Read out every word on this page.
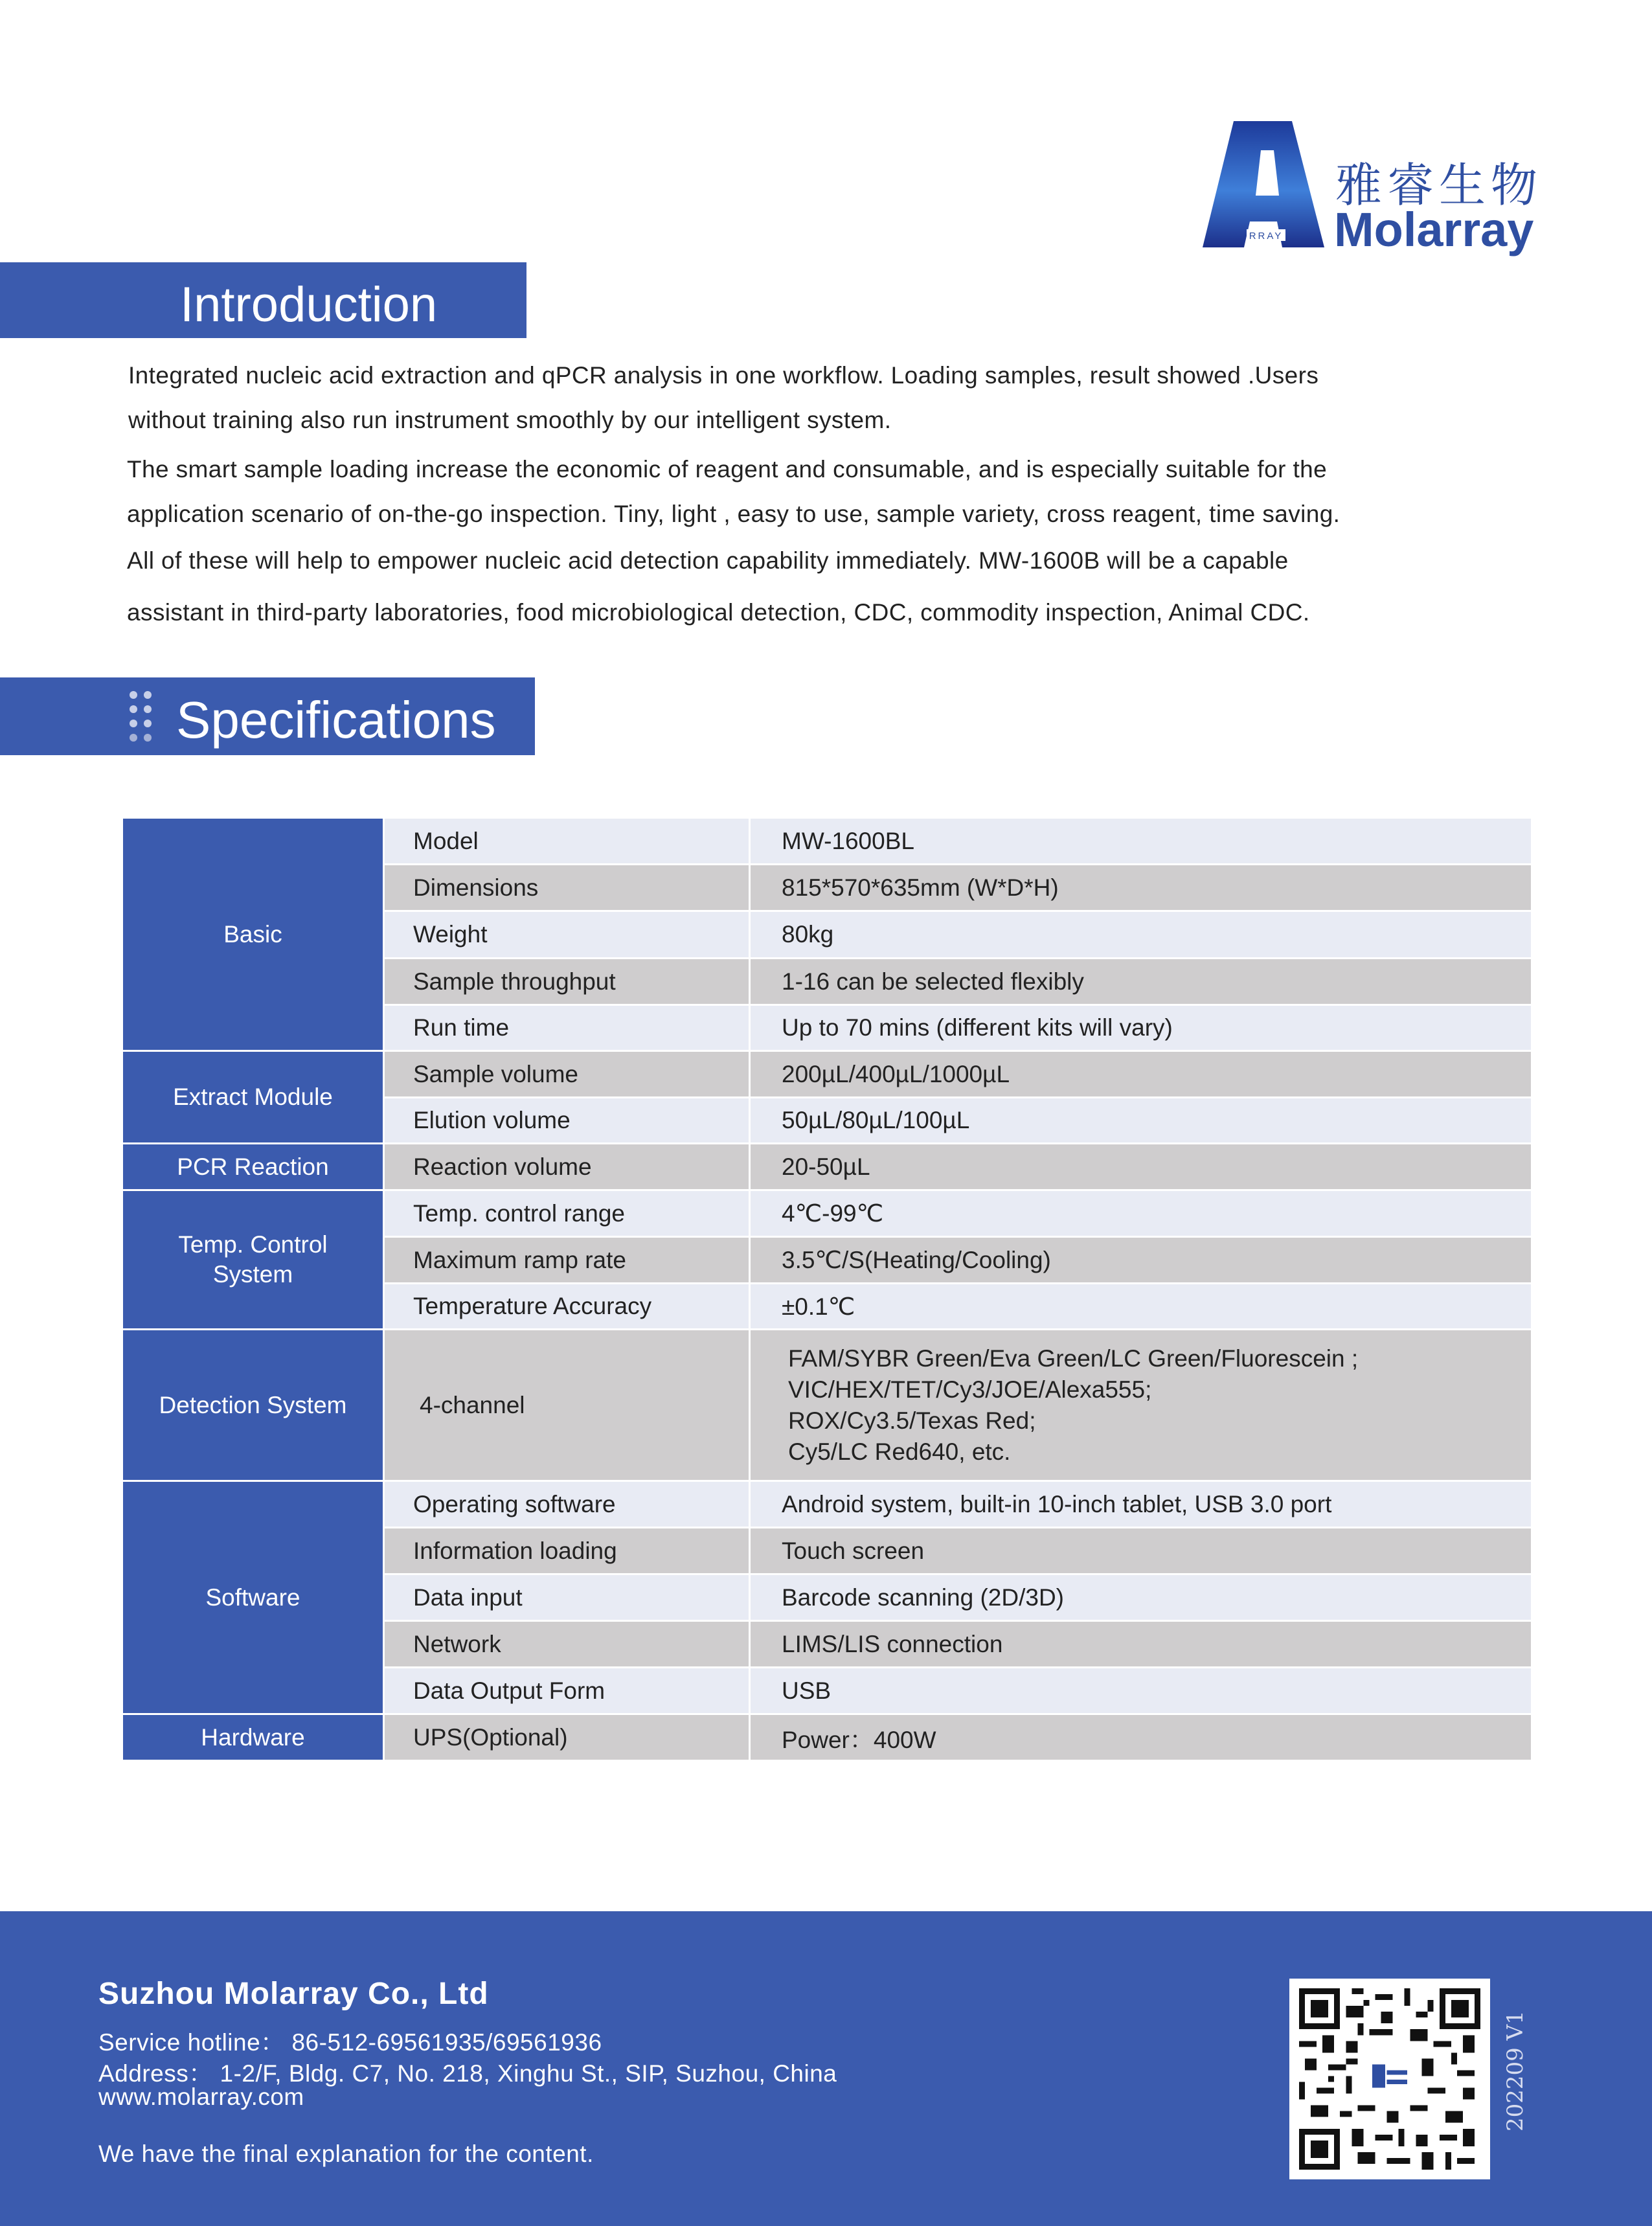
RRAY
雅睿生物
Molarray
Introduction
Integrated nucleic acid extraction and qPCR analysis in one workflow. Loading samples, result showed .Users
without training also run instrument smoothly by our intelligent system.
The smart sample loading increase the economic of reagent and consumable, and is especially suitable for the
application scenario of on-the-go inspection. Tiny, light , easy to use, sample variety, cross reagent, time saving.
All of these will help to empower nucleic acid detection capability immediately. MW-1600B will be a capable
assistant in third-party laboratories, food microbiological detection, CDC, commodity inspection, Animal CDC.
Specifications
Basic	Model	MW-1600BL
	Dimensions	815*570*635mm (W*D*H)
	Weight	80kg
	Sample throughput	1-16 can be selected flexibly
	Run time	Up to 70 mins (different kits will vary)
Extract Module	Sample volume	200µL/400µL/1000µL
	Elution volume	50µL/80µL/100µL
PCR Reaction	Reaction volume	20-50µL
Temp. Control System	Temp. control range	4℃-99℃
	Maximum ramp rate	3.5℃/S(Heating/Cooling)
	Temperature Accuracy	±0.1℃
Detection System	4-channel	FAM/SYBR Green/Eva Green/LC Green/Fluorescein ;
VIC/HEX/TET/Cy3/JOE/Alexa555;
ROX/Cy3.5/Texas Red;
Cy5/LC Red640, etc.

Software	Operating software	Android system, built-in 10-inch tablet, USB 3.0 port
	Information loading	Touch screen
	Data input	Barcode scanning (2D/3D)
	Network	LIMS/LIS connection
	Data Output Form	USB
Hardware	UPS(Optional)	Power：400W
Suzhou Molarray Co., Ltd
Service hotline： 86-512-69561935/69561936
Address： 1-2/F, Bldg. C7, No. 218, Xinghu St., SIP, Suzhou, China
www.molarray.com
We have the final explanation for the content.
202209 V1
